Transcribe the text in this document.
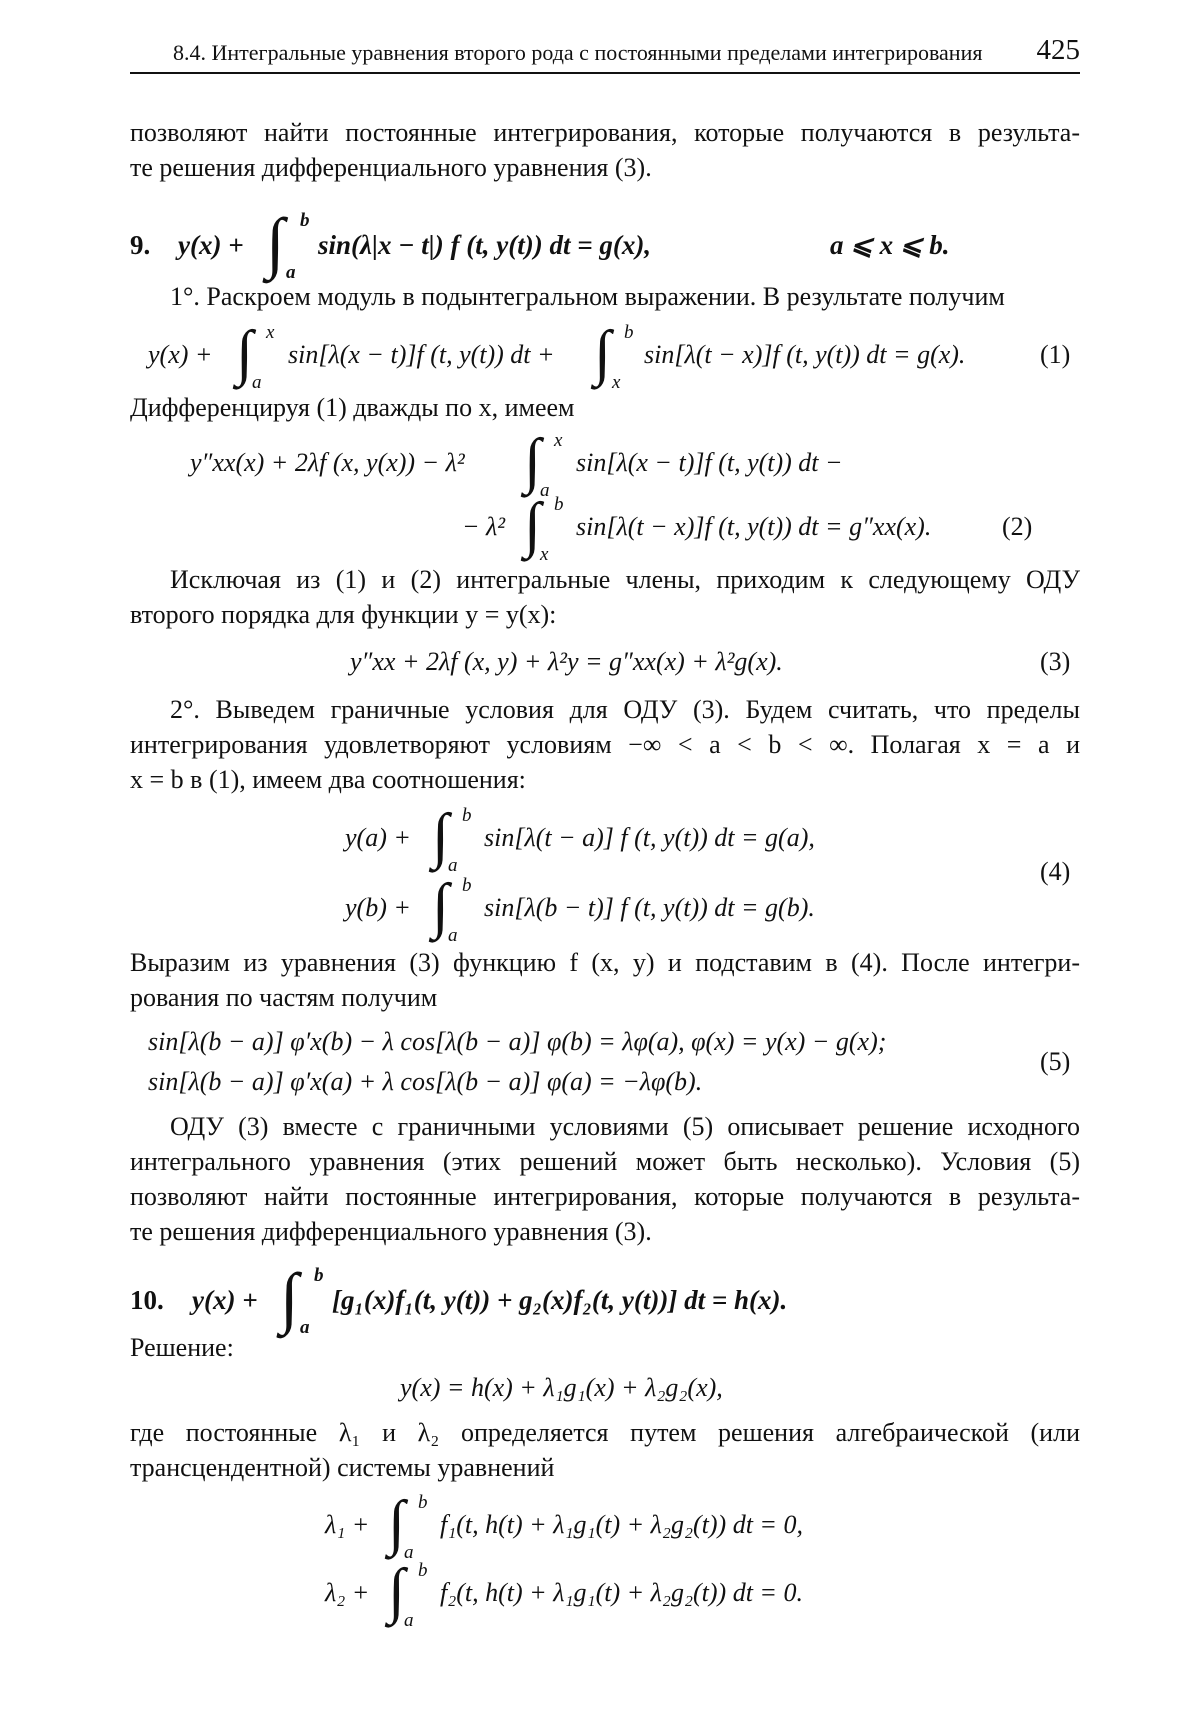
8.4. Интегральные уравнения второго рода с постоянными пределами интегрирования 425
позволяют найти постоянные интегрирования, которые получаются в результа-
те решения дифференциального уравнения (3).
9. y(x) + ∫ b
a
sin(λ|x − t|) f (t, y(t)) dt = g(x),	a ⩽ x ⩽ b.
1°. Раскроем модуль в подынтегральном выражении. В результате получим
y(x) + ∫ x
a
sin[λ(x − t)]f (t, y(t)) dt + ∫ b
x
sin[λ(t − x)]f (t, y(t)) dt = g(x).	(1)
Дифференцируя (1) дважды по x, имеем
y″xx(x) + 2λf (x, y(x)) − λ² ∫ x
a
sin[λ(x − t)]f (t, y(t)) dt −
− λ² ∫ b
x
sin[λ(t − x)]f (t, y(t)) dt = g″xx(x).	(2)
Исключая из (1) и (2) интегральные члены, приходим к следующему ОДУ
второго порядка для функции y = y(x):
y″xx + 2λf (x, y) + λ²y = g″xx(x) + λ²g(x).	(3)
2°. Выведем граничные условия для ОДУ (3). Будем считать, что пределы
интегрирования удовлетворяют условиям −∞ < a < b < ∞. Полагая x = a и
x = b в (1), имеем два соотношения:
y(a) + ∫ b
a
sin[λ(t − a)] f (t, y(t)) dt = g(a),
y(b) + ∫ b
a
sin[λ(b − t)] f (t, y(t)) dt = g(b).
(4)
Выразим из уравнения (3) функцию f (x, y) и подставим в (4). После интегри-
рования по частям получим
sin[λ(b − a)] φ′x(b) − λ cos[λ(b − a)] φ(b) = λφ(a), φ(x) = y(x) − g(x);
sin[λ(b − a)] φ′x(a) + λ cos[λ(b − a)] φ(a) = −λφ(b).
(5)
ОДУ (3) вместе с граничными условиями (5) описывает решение исходного
интегрального уравнения (этих решений может быть несколько). Условия (5)
позволяют найти постоянные интегрирования, которые получаются в результа-
те решения дифференциального уравнения (3).
10. y(x) + ∫ b
a
[g₁(x)f₁(t, y(t)) + g₂(x)f₂(t, y(t))] dt = h(x).
Решение:
y(x) = h(x) + λ₁g₁(x) + λ₂g₂(x),
где постоянные λ₁ и λ₂ определяется путем решения алгебраической (или
трансцендентной) системы уравнений
λ₁ + ∫ b
a
f₁(t, h(t) + λ₁g₁(t) + λ₂g₂(t)) dt = 0,
λ₂ + ∫ b
a
f₂(t, h(t) + λ₁g₁(t) + λ₂g₂(t)) dt = 0.
